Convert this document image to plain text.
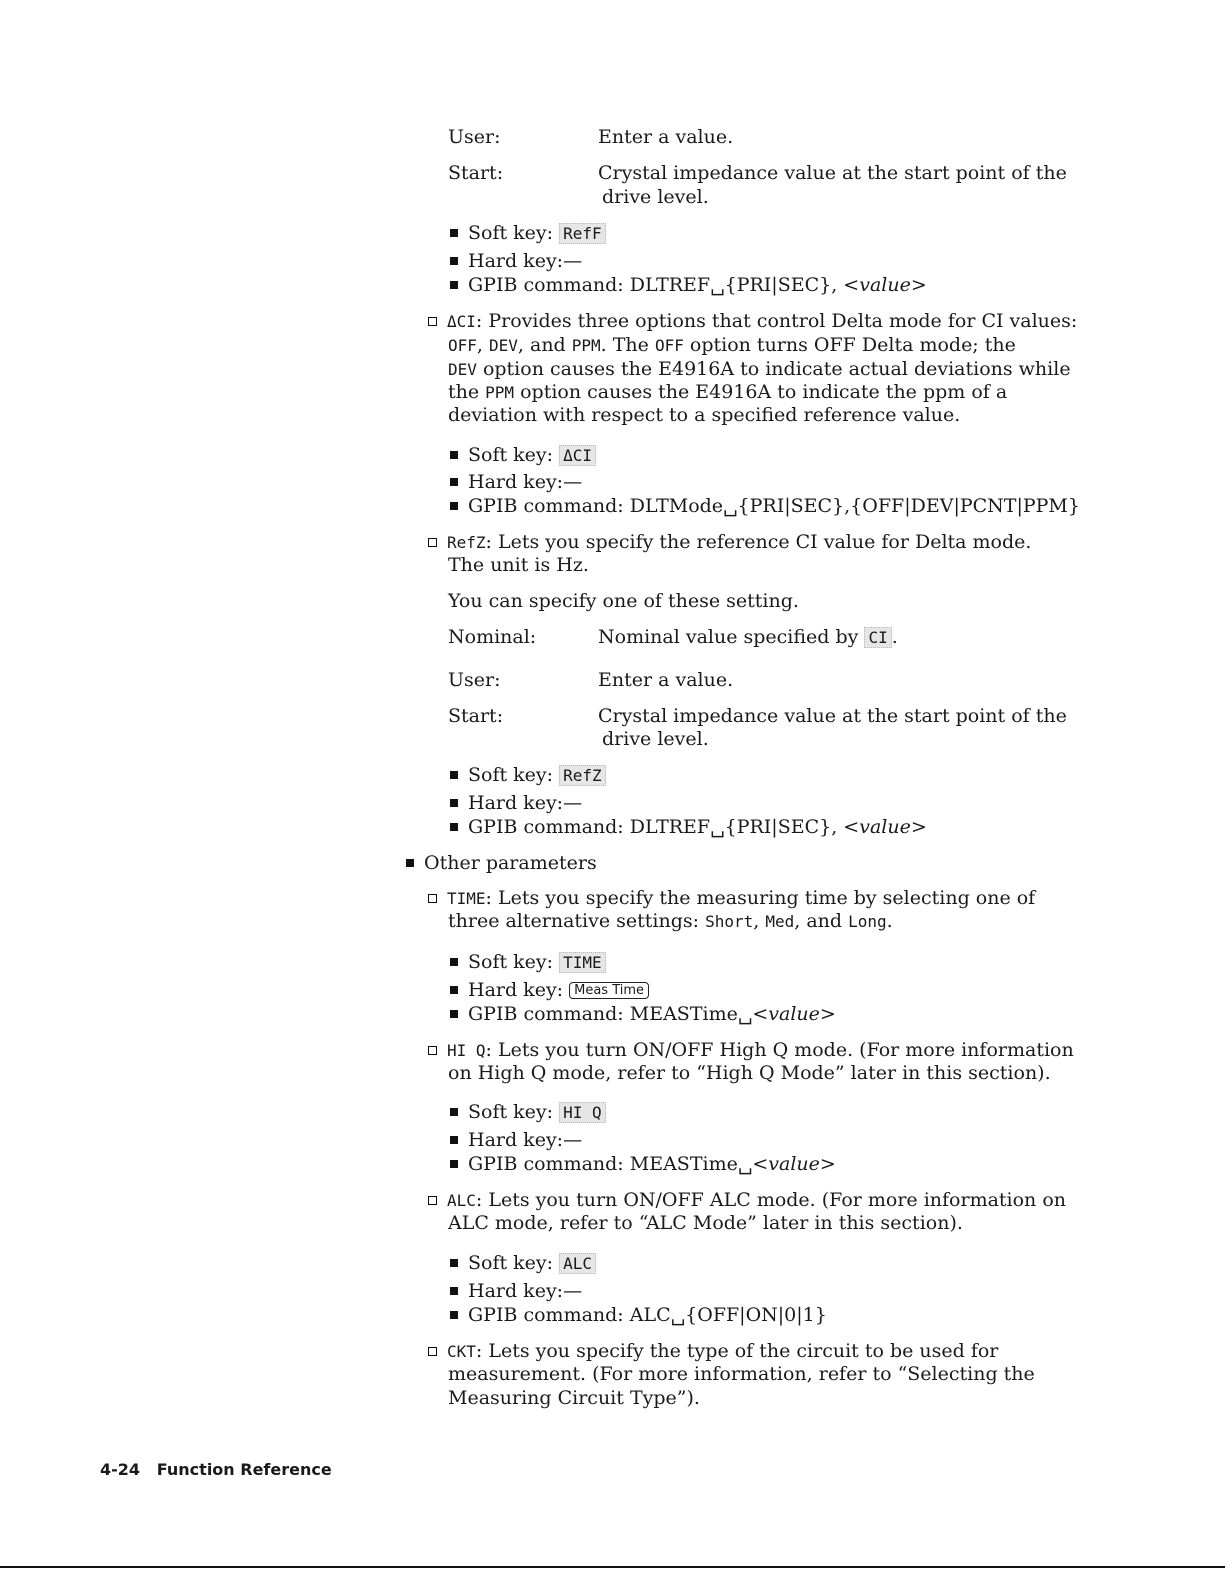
User:	Enter a value.
Start:	Crystal impedance value at the start point of the
drive level.
Soft key: RefF
Hard key:—
GPIB command: DLTREF␣{PRI|SEC}, <value>
ΔCI: Provides three options that control Delta mode for CI values:
OFF, DEV, and PPM. The OFF option turns OFF Delta mode; the
DEV option causes the E4916A to indicate actual deviations while
the PPM option causes the E4916A to indicate the ppm of a
deviation with respect to a specified reference value.
Soft key: ΔCI
Hard key:—
GPIB command: DLTMode␣{PRI|SEC},{OFF|DEV|PCNT|PPM}
RefZ: Lets you specify the reference CI value for Delta mode.
The unit is Hz.
You can specify one of these setting.
Nominal:	Nominal value specified by CI .
User:	Enter a value.
Start:	Crystal impedance value at the start point of the
drive level.
Soft key: RefZ
Hard key:—
GPIB command: DLTREF␣{PRI|SEC}, <value>
Other parameters
TIME: Lets you specify the measuring time by selecting one of
three alternative settings: Short, Med, and Long.
Soft key: TIME
Hard key: Meas Time
GPIB command: MEASTime␣<value>
HI Q: Lets you turn ON/OFF High Q mode. (For more information
on High Q mode, refer to “High Q Mode” later in this section).
Soft key: HI Q
Hard key:—
GPIB command: MEASTime␣<value>
ALC: Lets you turn ON/OFF ALC mode. (For more information on
ALC mode, refer to “ALC Mode” later in this section).
Soft key: ALC
Hard key:—
GPIB command: ALC␣{OFF|ON|0|1}
CKT: Lets you specify the type of the circuit to be used for
measurement. (For more information, refer to “Selecting the
Measuring Circuit Type”).
4-24 Function Reference
